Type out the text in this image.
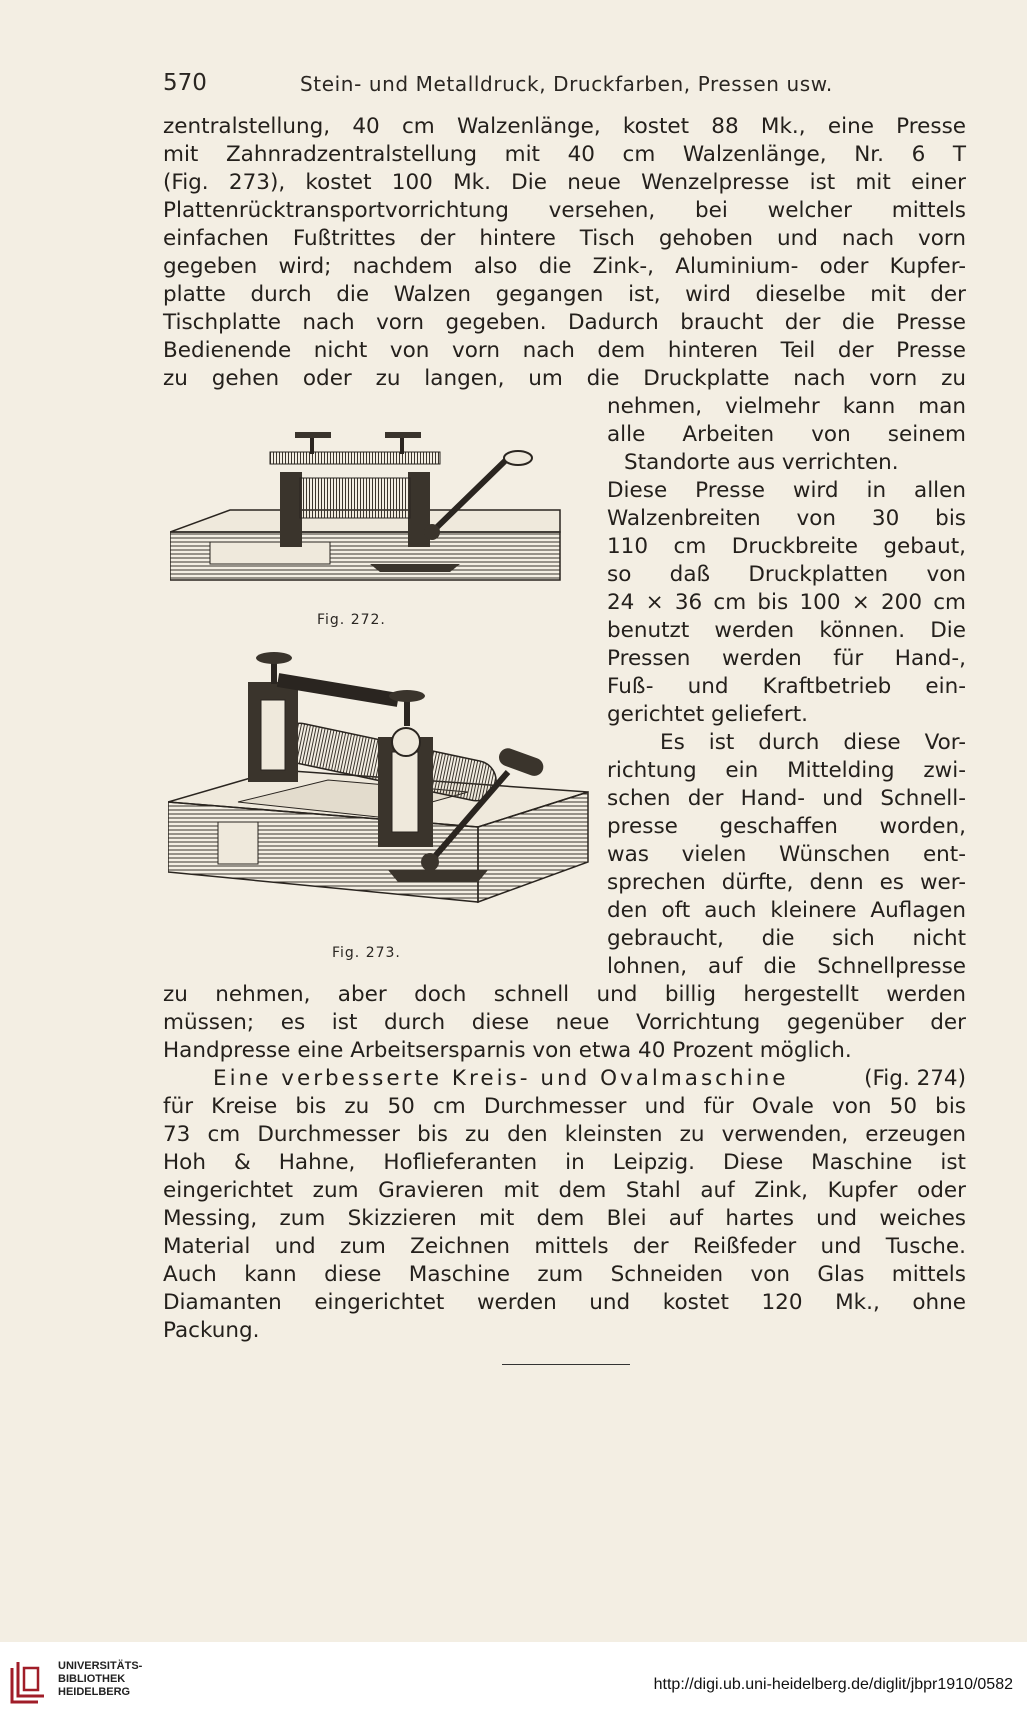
570	Stein- und Metalldruck, Druckfarben, Pressen usw.
zentralstellung, 40 cm Walzenlänge, kostet 88 Mk., eine Presse
mit Zahnradzentralstellung mit 40 cm Walzenlänge, Nr. 6 T
(Fig. 273), kostet 100 Mk. Die neue Wenzelpresse ist mit einer
Plattenrücktransportvorrichtung versehen, bei welcher mittels
einfachen Fußtrittes der hintere Tisch gehoben und nach vorn
gegeben wird; nachdem also die Zink-, Aluminium- oder Kupfer-
platte durch die Walzen gegangen ist, wird dieselbe mit der
Tischplatte nach vorn gegeben. Dadurch braucht der die Presse
Bedienende nicht von vorn nach dem hinteren Teil der Presse
zu gehen oder zu langen, um die Druckplatte nach vorn zu
nehmen, vielmehr kann man
alle Arbeiten von seinem
Standorte aus verrichten.
Diese Presse wird in allen
Walzenbreiten von 30 bis
110 cm Druckbreite gebaut,
so daß Druckplatten von
24 × 36 cm bis 100 × 200 cm
benutzt werden können. Die
Pressen werden für Hand-,
Fuß- und Kraftbetrieb ein-
gerichtet geliefert.
Es ist durch diese Vor-
richtung ein Mittelding zwi-
schen der Hand- und Schnell-
presse geschaffen worden,
was vielen Wünschen ent-
sprechen dürfte, denn es wer-
den oft auch kleinere Auflagen
gebraucht, die sich nicht
lohnen, auf die Schnellpresse
zu nehmen, aber doch schnell und billig hergestellt werden
müssen; es ist durch diese neue Vorrichtung gegenüber der
Handpresse eine Arbeitsersparnis von etwa 40 Prozent möglich.
Eine verbesserte Kreis- und Ovalmaschine	(Fig. 274)
für Kreise bis zu 50 cm Durchmesser und für Ovale von 50 bis
73 cm Durchmesser bis zu den kleinsten zu verwenden, erzeugen
Hoh & Hahne, Hoflieferanten in Leipzig. Diese Maschine ist
eingerichtet zum Gravieren mit dem Stahl auf Zink, Kupfer oder
Messing, zum Skizzieren mit dem Blei auf hartes und weiches
Material und zum Zeichnen mittels der Reißfeder und Tusche.
Auch kann diese Maschine zum Schneiden von Glas mittels
Diamanten eingerichtet werden und kostet 120 Mk., ohne
Packung.
Fig. 272.
Fig. 273.
UNIVERSITÄTS-
BIBLIOTHEK
HEIDELBERG	http://digi.ub.uni-heidelberg.de/diglit/jbpr1910/0582
